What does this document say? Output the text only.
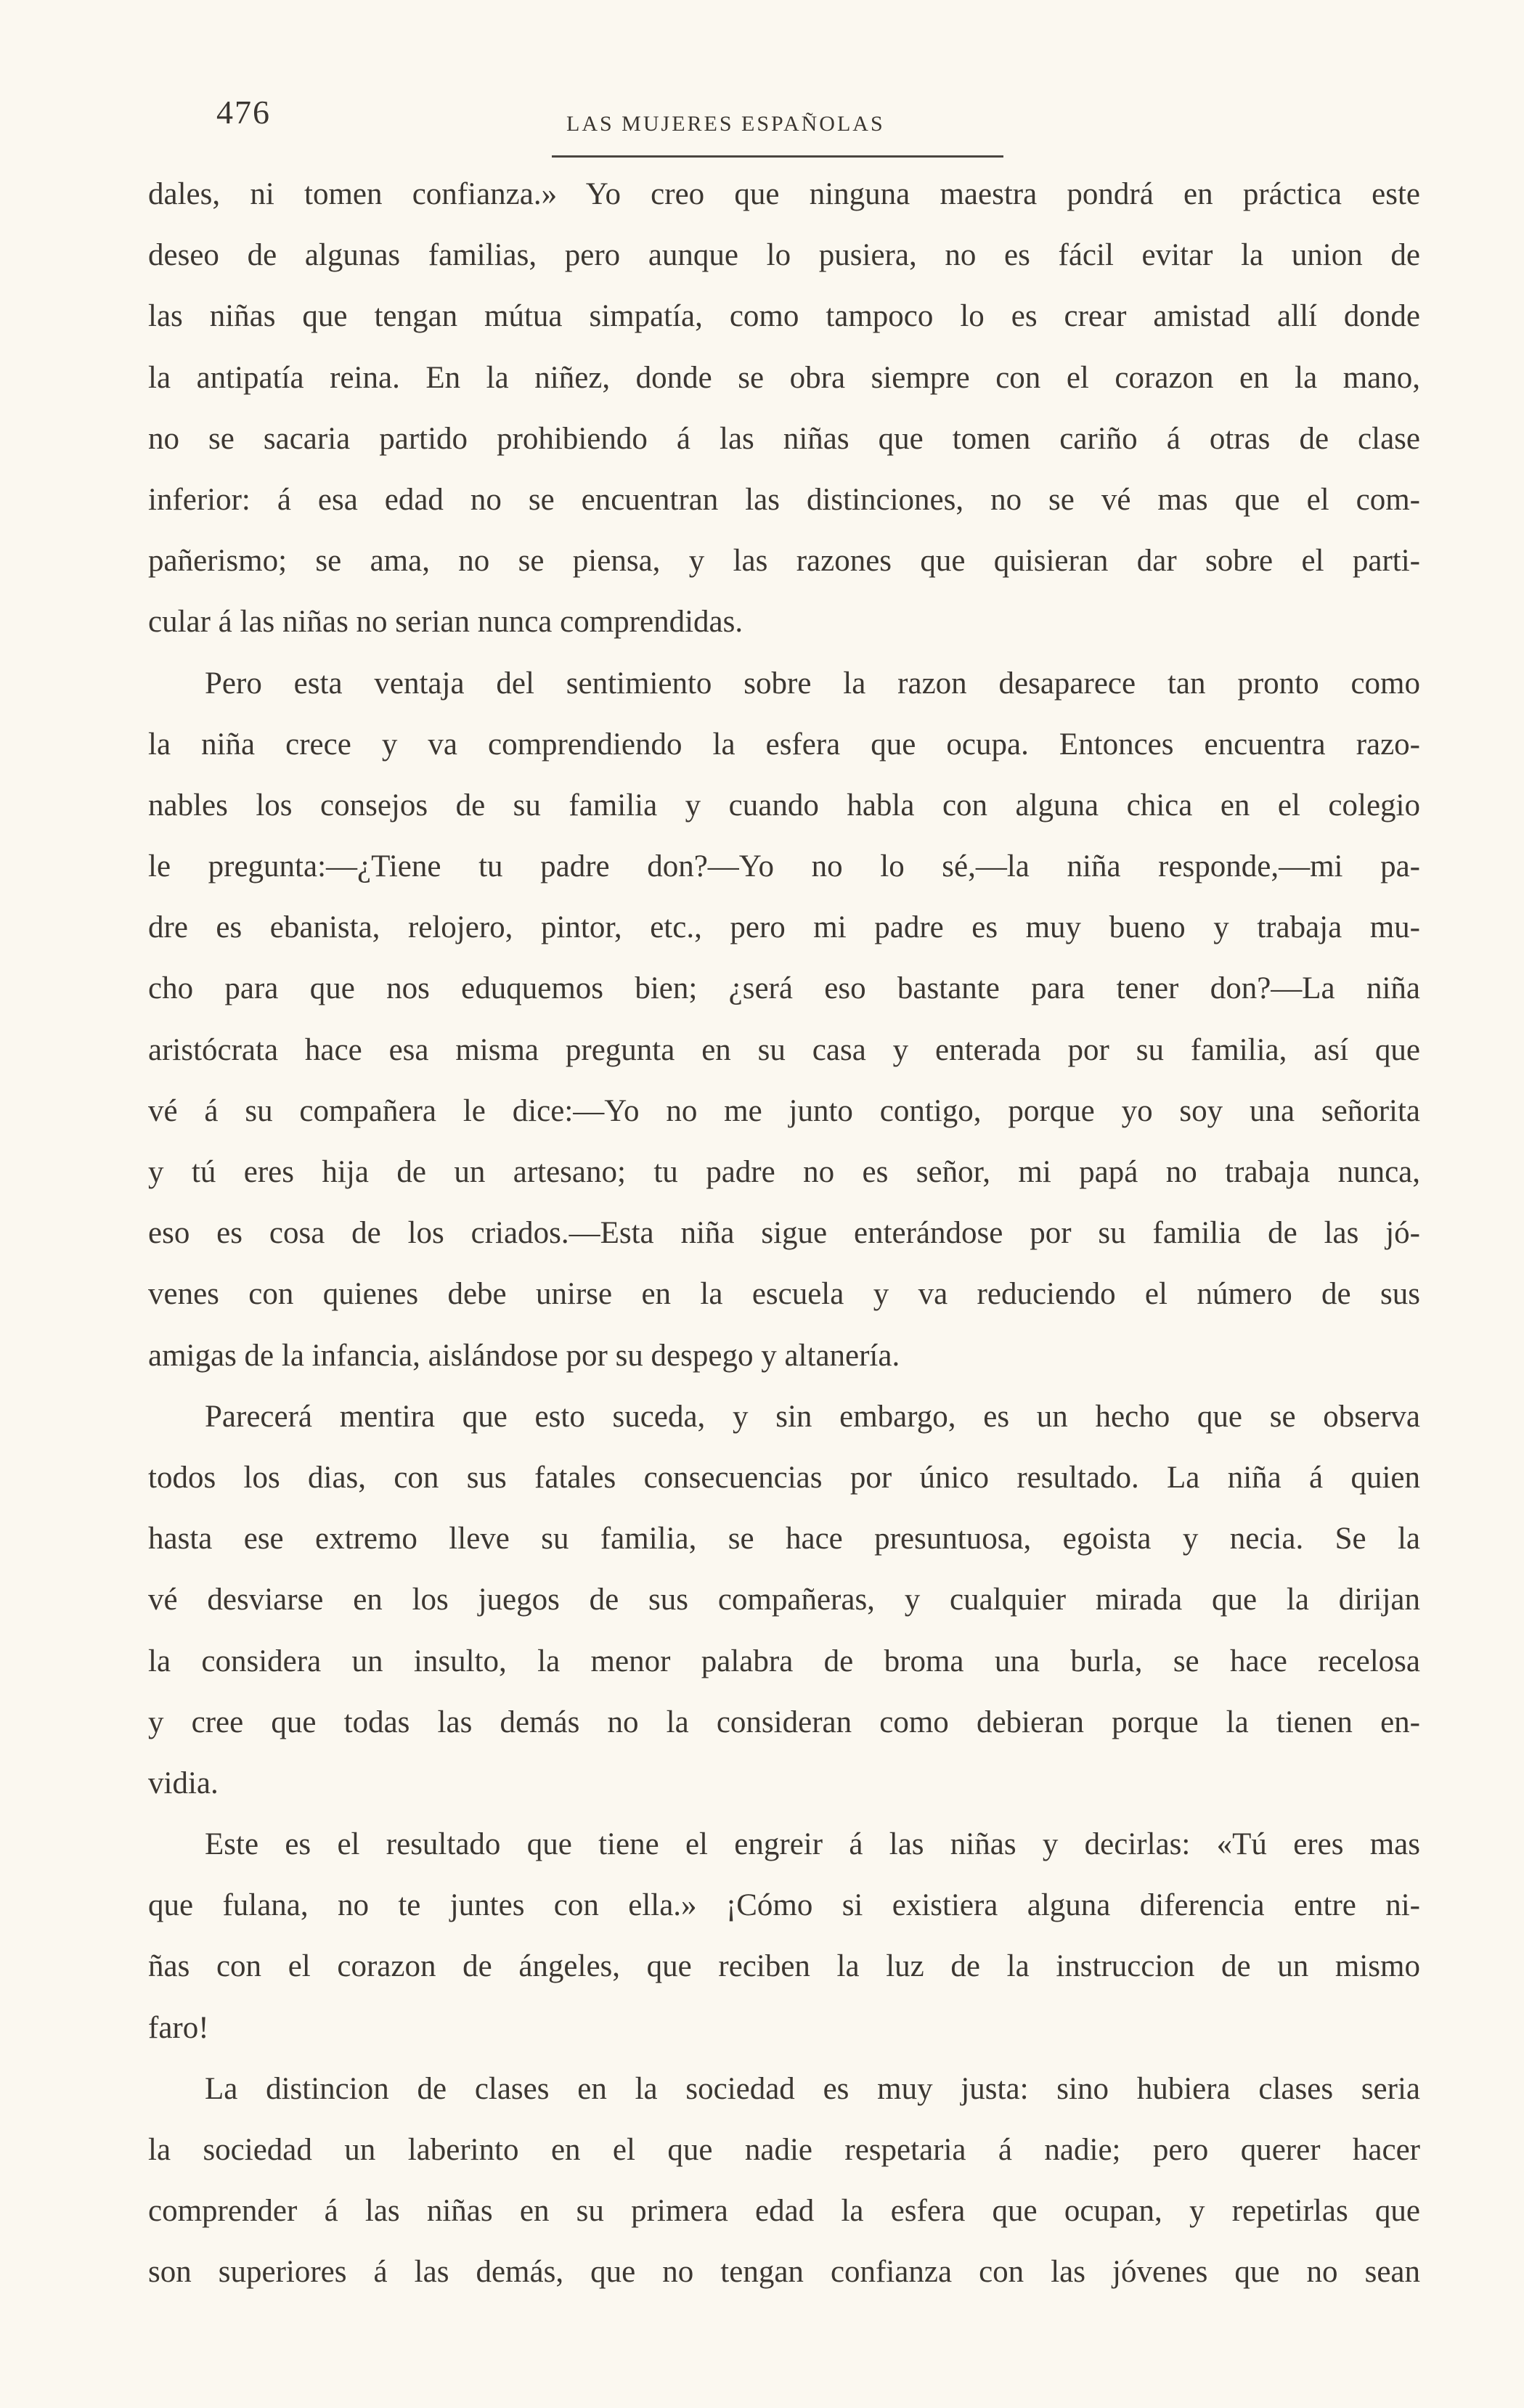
476	LAS MUJERES ESPAÑOLAS
dales, ni tomen confianza.» Yo creo que ninguna maestra pondrá en práctica este
deseo de algunas familias, pero aunque lo pusiera, no es fácil evitar la union de
las niñas que tengan mútua simpatía, como tampoco lo es crear amistad allí donde
la antipatía reina. En la niñez, donde se obra siempre con el corazon en la mano,
no se sacaria partido prohibiendo á las niñas que tomen cariño á otras de clase
inferior: á esa edad no se encuentran las distinciones, no se vé mas que el com-
pañerismo; se ama, no se piensa, y las razones que quisieran dar sobre el parti-
cular á las niñas no serian nunca comprendidas.
Pero esta ventaja del sentimiento sobre la razon desaparece tan pronto como
la niña crece y va comprendiendo la esfera que ocupa. Entonces encuentra razo-
nables los consejos de su familia y cuando habla con alguna chica en el colegio
le pregunta:—¿Tiene tu padre don?—Yo no lo sé,—la niña responde,—mi pa-
dre es ebanista, relojero, pintor, etc., pero mi padre es muy bueno y trabaja mu-
cho para que nos eduquemos bien; ¿será eso bastante para tener don?—La niña
aristócrata hace esa misma pregunta en su casa y enterada por su familia, así que
vé á su compañera le dice:—Yo no me junto contigo, porque yo soy una señorita
y tú eres hija de un artesano; tu padre no es señor, mi papá no trabaja nunca,
eso es cosa de los criados.—Esta niña sigue enterándose por su familia de las jó-
venes con quienes debe unirse en la escuela y va reduciendo el número de sus
amigas de la infancia, aislándose por su despego y altanería.
Parecerá mentira que esto suceda, y sin embargo, es un hecho que se observa
todos los dias, con sus fatales consecuencias por único resultado. La niña á quien
hasta ese extremo lleve su familia, se hace presuntuosa, egoista y necia. Se la
vé desviarse en los juegos de sus compañeras, y cualquier mirada que la dirijan
la considera un insulto, la menor palabra de broma una burla, se hace recelosa
y cree que todas las demás no la consideran como debieran porque la tienen en-
vidia.
Este es el resultado que tiene el engreir á las niñas y decirlas: «Tú eres mas
que fulana, no te juntes con ella.» ¡Cómo si existiera alguna diferencia entre ni-
ñas con el corazon de ángeles, que reciben la luz de la instruccion de un mismo
faro!
La distincion de clases en la sociedad es muy justa: sino hubiera clases seria
la sociedad un laberinto en el que nadie respetaria á nadie; pero querer hacer
comprender á las niñas en su primera edad la esfera que ocupan, y repetirlas que
son superiores á las demás, que no tengan confianza con las jóvenes que no sean
